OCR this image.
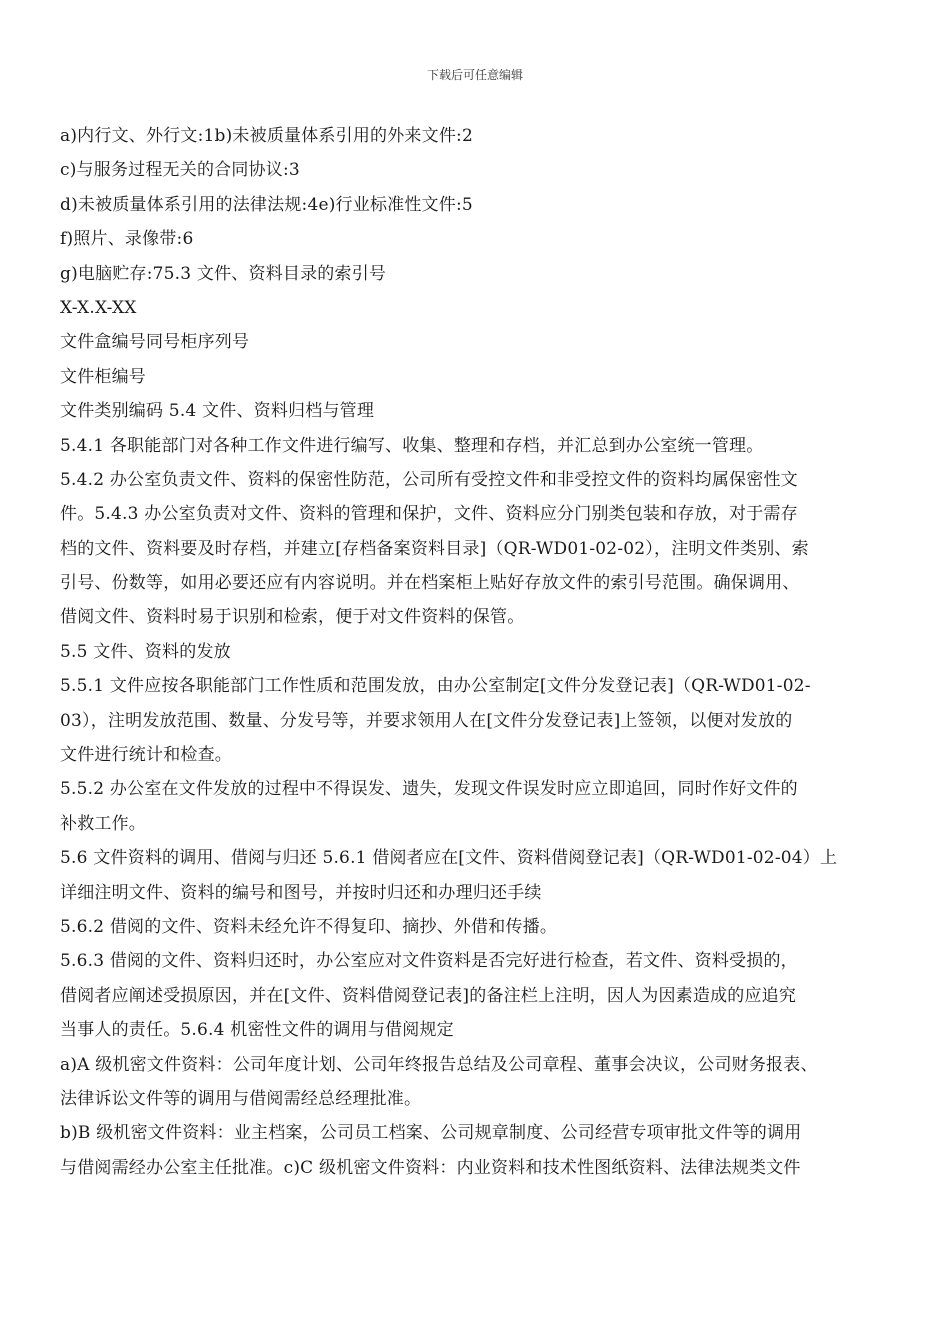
下载后可任意编辑
a)内行文、外行文:1b)未被质量体系引用的外来文件:2
c)与服务过程无关的合同协议:3
d)未被质量体系引用的法律法规:4e)行业标准性文件:5
f)照片、录像带:6
g)电脑贮存:75.3 文件、资料目录的索引号
X-X.X-XX
文件盒编号同号柜序列号
文件柜编号
文件类别编码 5.4 文件、资料归档与管理
5.4.1 各职能部门对各种工作文件进行编写、收集、整理和存档，并汇总到办公室统一管理。
5.4.2 办公室负责文件、资料的保密性防范，公司所有受控文件和非受控文件的资料均属保密性文
件。5.4.3 办公室负责对文件、资料的管理和保护，文件、资料应分门别类包装和存放，对于需存
档的文件、资料要及时存档，并建立[存档备案资料目录]（QR-WD01-02-02），注明文件类别、索
引号、份数等，如用必要还应有内容说明。并在档案柜上贴好存放文件的索引号范围。确保调用、
借阅文件、资料时易于识别和检索，便于对文件资料的保管。
5.5 文件、资料的发放
5.5.1 文件应按各职能部门工作性质和范围发放，由办公室制定[文件分发登记表]（QR-WD01-02-
03），注明发放范围、数量、分发号等，并要求领用人在[文件分发登记表]上签领，以便对发放的
文件进行统计和检查。
5.5.2 办公室在文件发放的过程中不得误发、遗失，发现文件误发时应立即追回，同时作好文件的
补救工作。
5.6 文件资料的调用、借阅与归还 5.6.1 借阅者应在[文件、资料借阅登记表]（QR-WD01-02-04）上
详细注明文件、资料的编号和图号，并按时归还和办理归还手续
5.6.2 借阅的文件、资料未经允许不得复印、摘抄、外借和传播。
5.6.3 借阅的文件、资料归还时，办公室应对文件资料是否完好进行检查，若文件、资料受损的，
借阅者应阐述受损原因，并在[文件、资料借阅登记表]的备注栏上注明，因人为因素造成的应追究
当事人的责任。5.6.4 机密性文件的调用与借阅规定
a)A 级机密文件资料：公司年度计划、公司年终报告总结及公司章程、董事会决议，公司财务报表、
法律诉讼文件等的调用与借阅需经总经理批准。
b)B 级机密文件资料：业主档案，公司员工档案、公司规章制度、公司经营专项审批文件等的调用
与借阅需经办公室主任批准。c)C 级机密文件资料：内业资料和技术性图纸资料、法律法规类文件
